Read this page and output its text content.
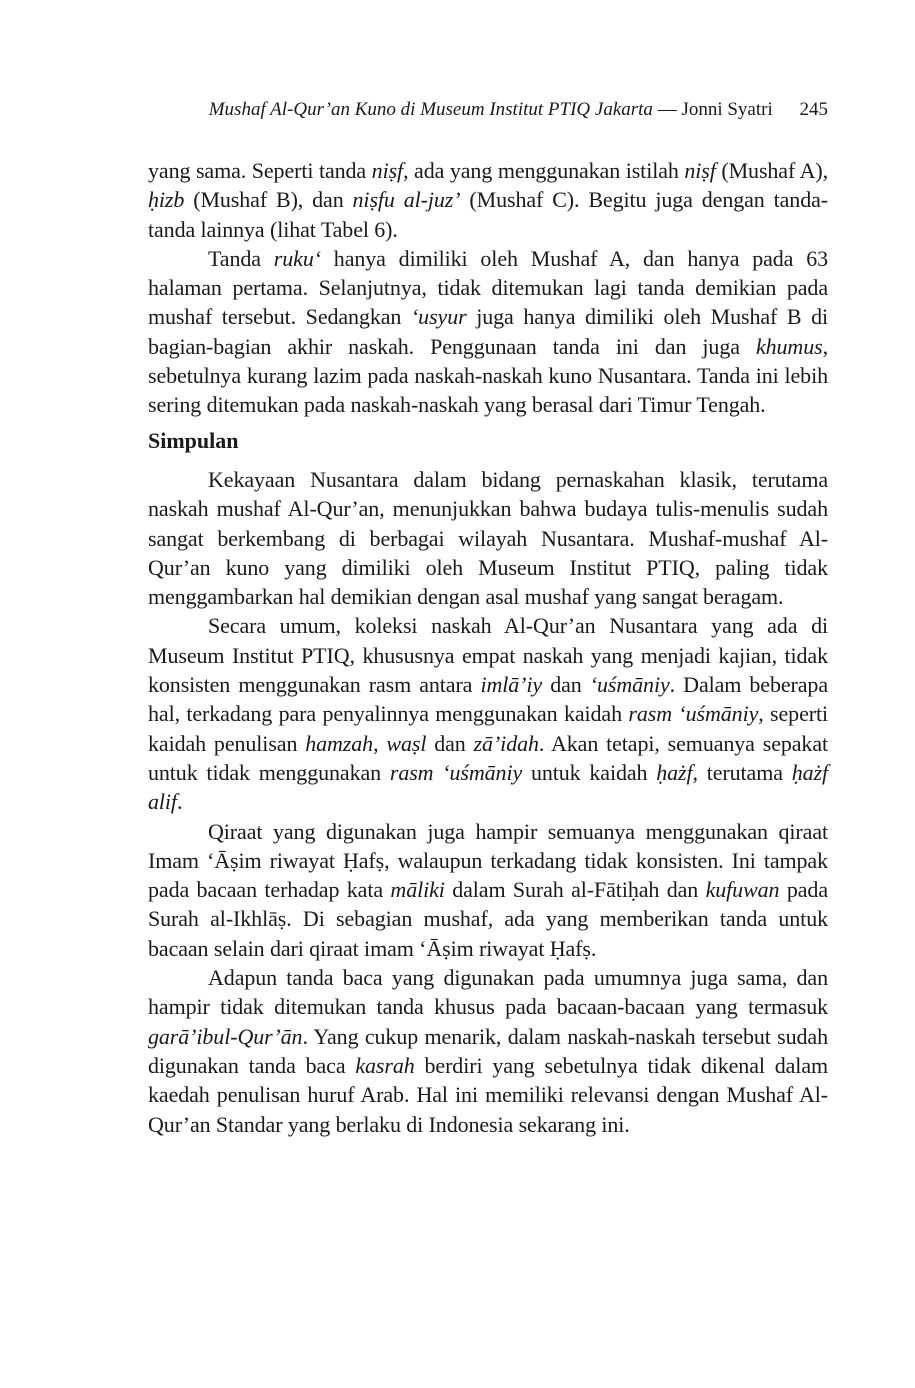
Mushaf Al-Qur’an Kuno di Museum Institut PTIQ Jakarta — Jonni Syatri 245

yang sama. Seperti tanda niṣf, ada yang menggunakan istilah niṣf (Mushaf A), ḥizb (Mushaf B), dan niṣfu al-juz’ (Mushaf C). Begitu juga dengan tanda-tanda lainnya (lihat Tabel 6).

Tanda ruku‘ hanya dimiliki oleh Mushaf A, dan hanya pada 63 halaman pertama. Selanjutnya, tidak ditemukan lagi tanda demikian pada mushaf tersebut. Sedangkan ‘usyur juga hanya dimiliki oleh Mushaf B di bagian-bagian akhir naskah. Penggunaan tanda ini dan juga khumus, sebetulnya kurang lazim pada naskah-naskah kuno Nusantara. Tanda ini lebih sering ditemukan pada naskah-naskah yang berasal dari Timur Tengah.

Simpulan

Kekayaan Nusantara dalam bidang pernaskahan klasik, terutama naskah mushaf Al-Qur’an, menunjukkan bahwa budaya tulis-menulis sudah sangat berkembang di berbagai wilayah Nusantara. Mushaf-mushaf Al-Qur’an kuno yang dimiliki oleh Museum Institut PTIQ, paling tidak menggambarkan hal demikian dengan asal mushaf yang sangat beragam.

Secara umum, koleksi naskah Al-Qur’an Nusantara yang ada di Museum Institut PTIQ, khususnya empat naskah yang menjadi kajian, tidak konsisten menggunakan rasm antara imlā’iy dan ‘uśmāniy. Dalam beberapa hal, terkadang para penyalinnya menggunakan kaidah rasm ‘uśmāniy, seperti kaidah penulisan hamzah, waṣl dan zā’idah. Akan tetapi, semuanya sepakat untuk tidak menggunakan rasm ‘uśmāniy untuk kaidah ḥażf, terutama ḥażf alif.

Qiraat yang digunakan juga hampir semuanya menggunakan qiraat Imam ‘Āṣim riwayat Ḥafṣ, walaupun terkadang tidak konsisten. Ini tampak pada bacaan terhadap kata māliki dalam Surah al-Fātiḥah dan kufuwan pada Surah al-Ikhlāṣ. Di sebagian mushaf, ada yang memberikan tanda untuk bacaan selain dari qiraat imam ‘Āṣim riwayat Ḥafṣ.

Adapun tanda baca yang digunakan pada umumnya juga sama, dan hampir tidak ditemukan tanda khusus pada bacaan-bacaan yang termasuk garā’ibul-Qur’ān. Yang cukup menarik, dalam naskah-naskah tersebut sudah digunakan tanda baca kasrah berdiri yang sebetulnya tidak dikenal dalam kaedah penulisan huruf Arab. Hal ini memiliki relevansi dengan Mushaf Al-Qur’an Standar yang berlaku di Indonesia sekarang ini.
